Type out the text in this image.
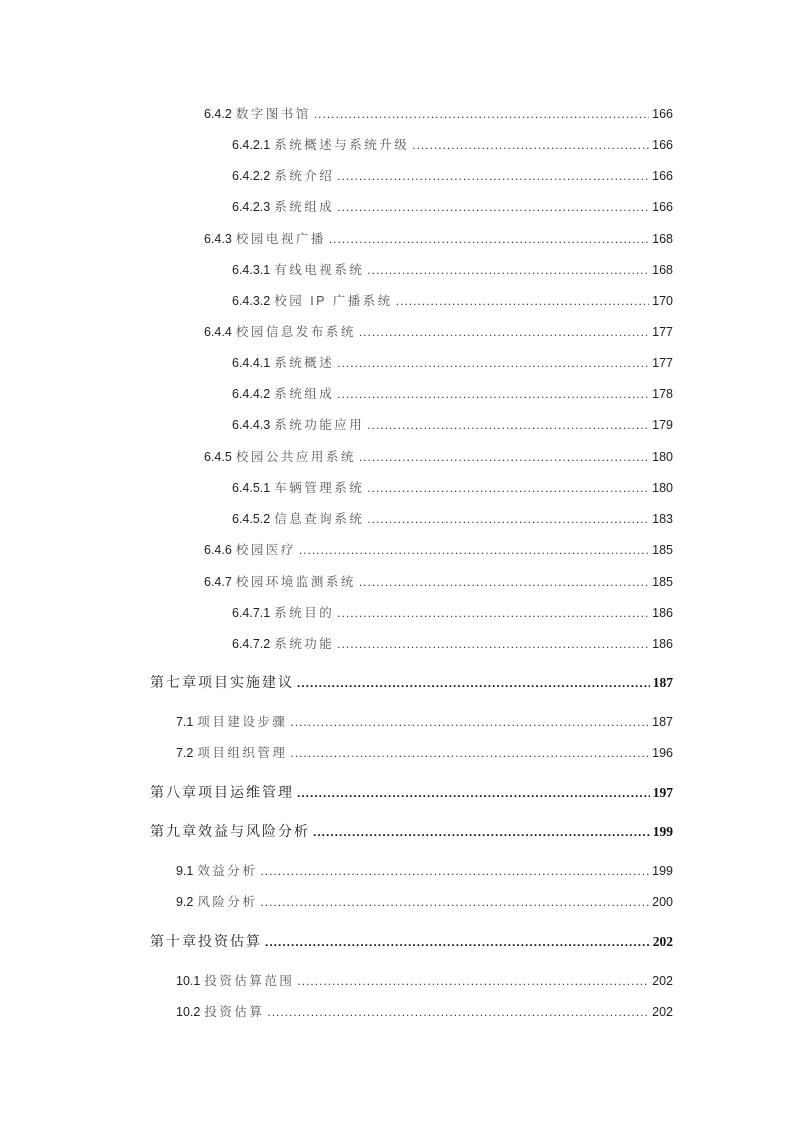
6.4.2 数字图书馆 .....	166
6.4.2.1 系统概述与系统升级 .....	166
6.4.2.2 系统介绍 .....	166
6.4.2.3 系统组成 .....	166
6.4.3 校园电视广播 .....	168
6.4.3.1 有线电视系统 .....	168
6.4.3.2 校园 IP 广播系统 .....	170
6.4.4 校园信息发布系统 .....	177
6.4.4.1 系统概述 .....	177
6.4.4.2 系统组成 .....	178
6.4.4.3 系统功能应用 .....	179
6.4.5 校园公共应用系统 .....	180
6.4.5.1 车辆管理系统 .....	180
6.4.5.2 信息查询系统 .....	183
6.4.6 校园医疗 .....	185
6.4.7 校园环境监测系统 .....	185
6.4.7.1 系统目的 .....	186
6.4.7.2 系统功能 .....	186
第七章项目实施建议 .....	187
7.1 项目建设步骤 .....	187
7.2 项目组织管理 .....	196
第八章项目运维管理 .....	197
第九章效益与风险分析 .....	199
9.1 效益分析 .....	199
9.2 风险分析 .....	200
第十章投资估算 .....	202
10.1 投资估算范围 .....	202
10.2 投资估算 .....	202
